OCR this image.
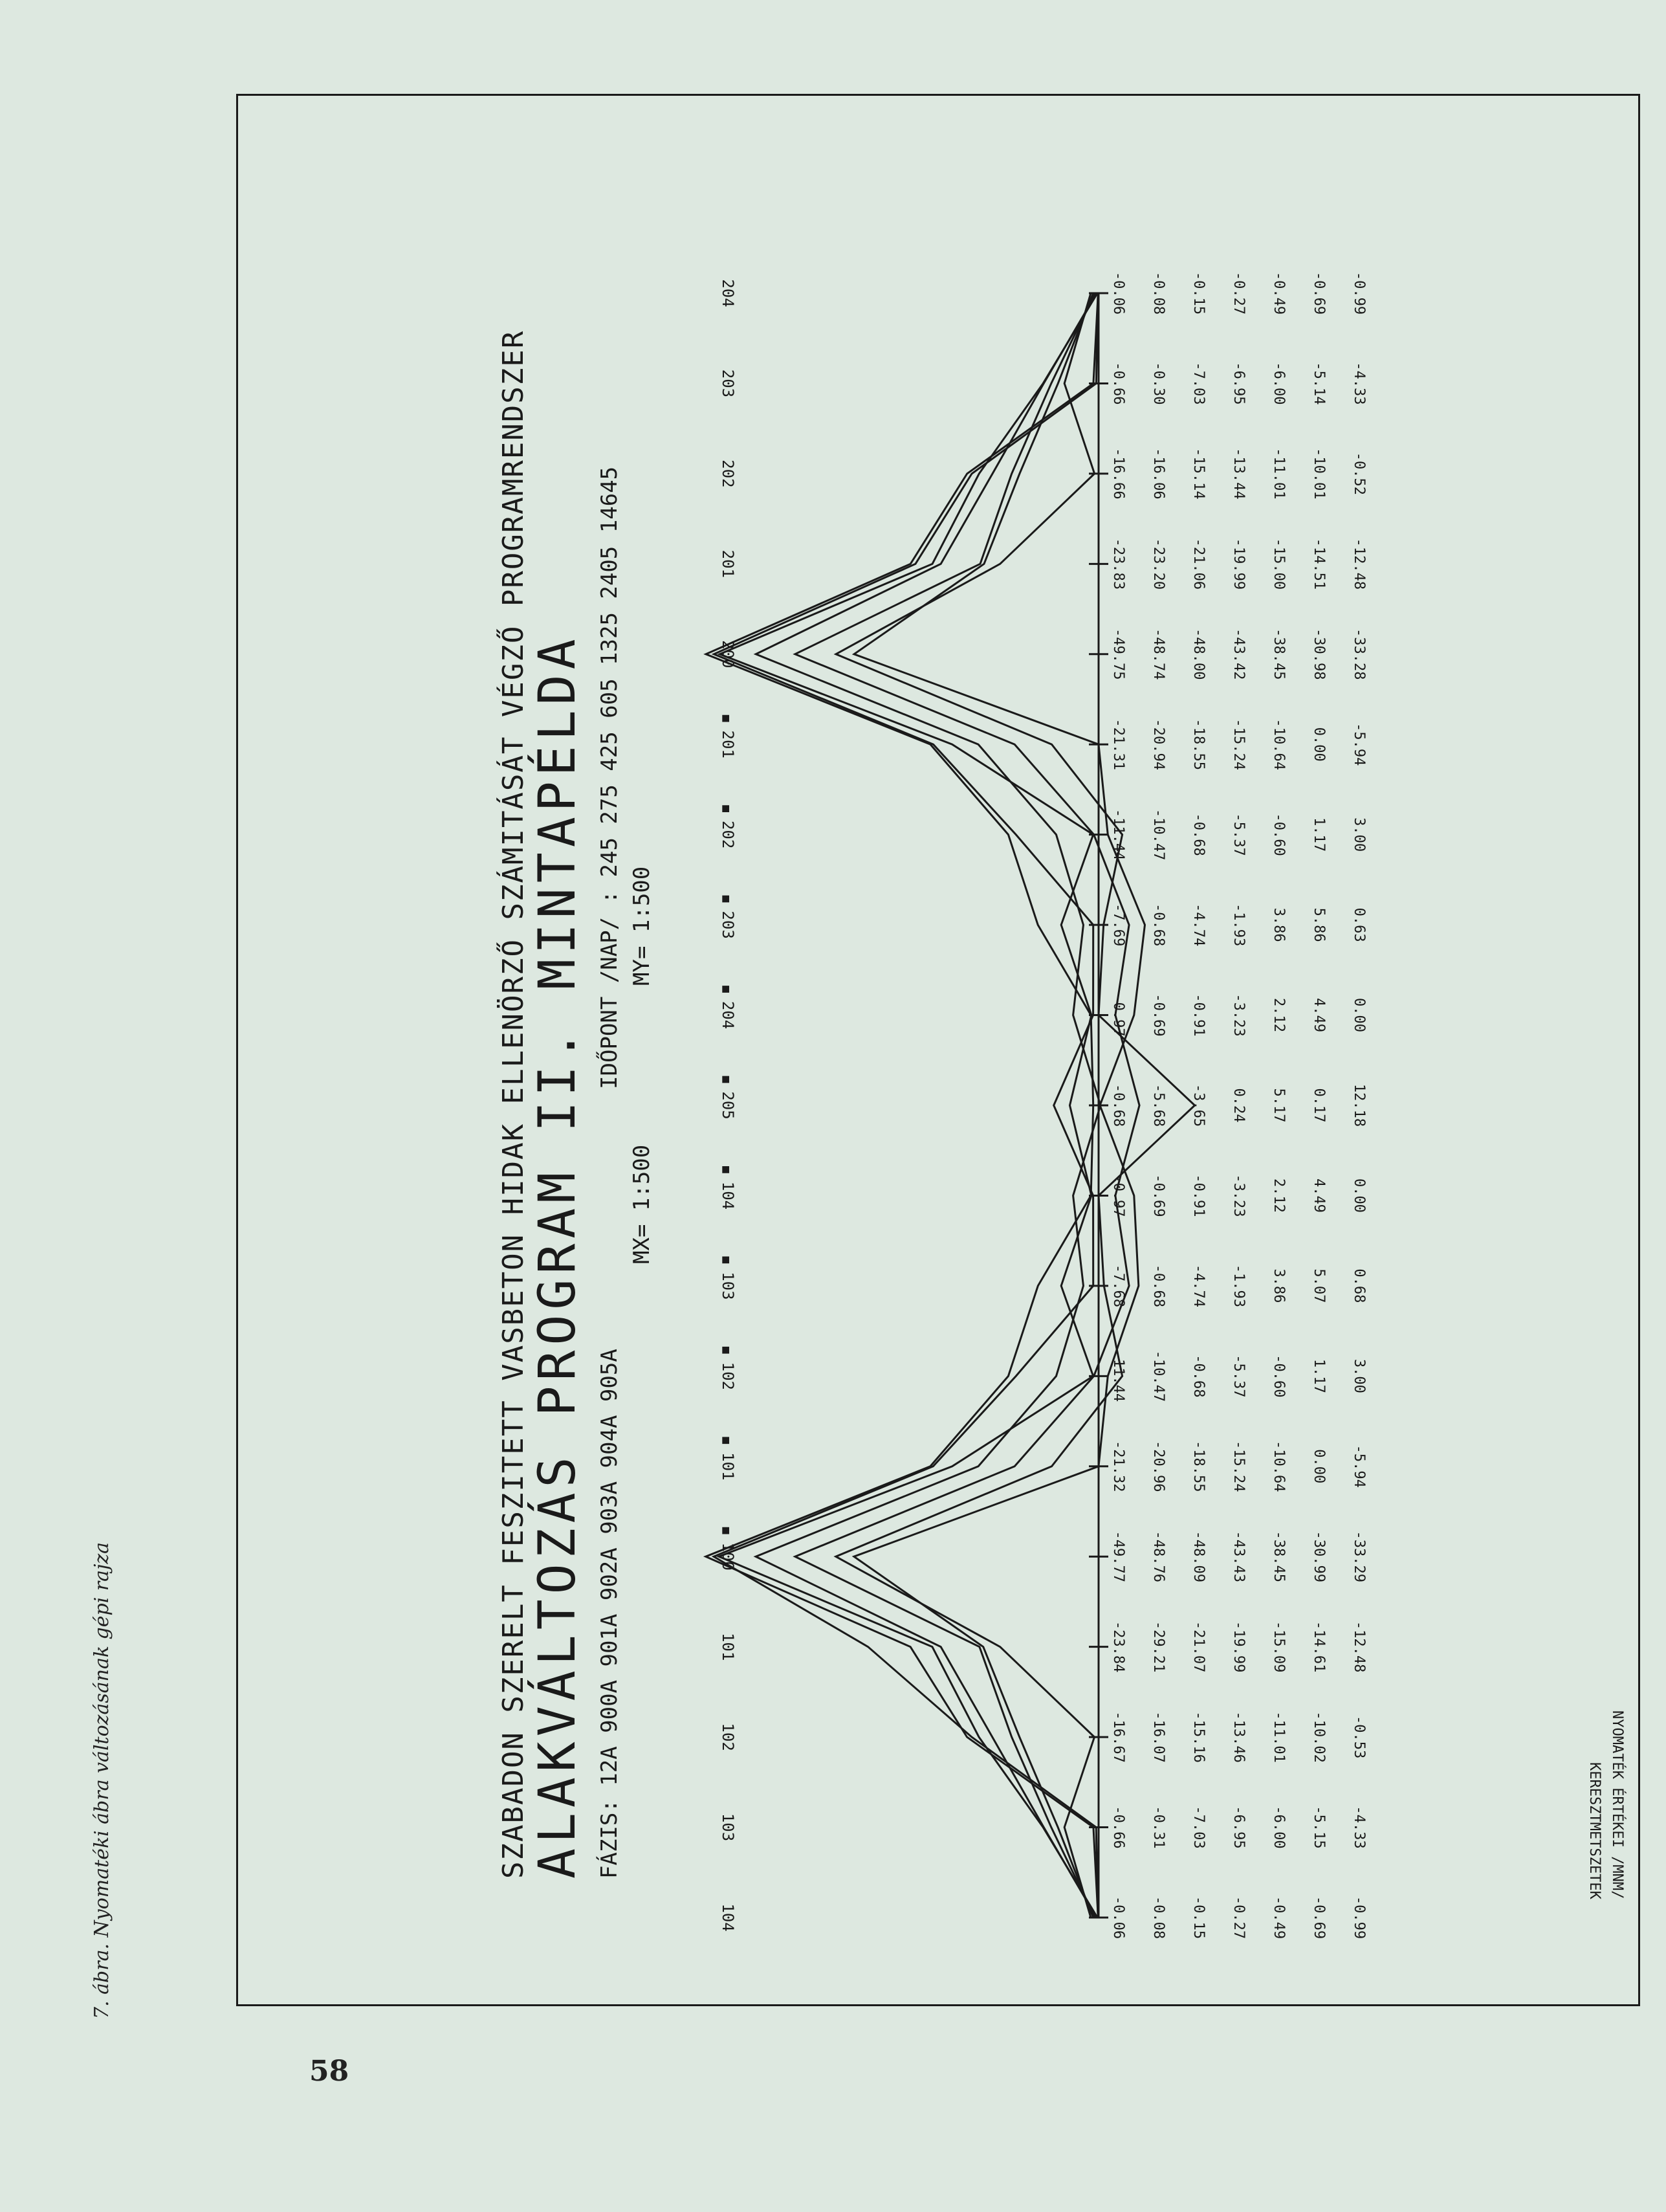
SZABADON SZERELT FESZITETT VASBETON HIDAK ELLENÖRZŐ SZÁMITÁSÁT VÉGZŐ PROGRAMRENDSZER
ALAKVÁLTOZÁS PROGRAM II. MINTAPÉLDA FÁZIS: 12A 900A 901A 902A 903A 904A 905A
IDŐPONT /NAP/ : 245 275 425 605 1325 2405 14645
MX= 1:500
MY= 1:500
KERESZTMETSZETEK NYOMATÉK ÉRTÉKEI /MNM/
104
103
102
101
100
■
101
■
102
■
103
■
104
■
205
■
204
■
203
■
202
■
201
■
200
201
202
203
204
-0.06
-0.66
-16.67
-23.84
-49.77
-21.32
-11.44
-7.68
-0.97
-0.68
-0.97
-7.69
-11.44
-21.31
-49.75
-23.83
-16.66
-0.66
-0.06
-0.08
-0.31
-16.07
-29.21
-48.76
-20.96
-10.47
-0.68
-0.69
-5.68
-0.69
-0.68
-10.47
-20.94
-48.74
-23.20
-16.06
-0.30
-0.08
-0.15
-7.03
-15.16
-21.07
-48.09
-18.55
-0.68
-4.74
-0.91
-3.65
-0.91
-4.74
-0.68
-18.55
-48.00
-21.06
-15.14
-7.03
-0.15
-0.27
-6.95
-13.46
-19.99
-43.43
-15.24
-5.37
-1.93
-3.23
0.24
-3.23
-1.93
-5.37
-15.24
-43.42
-19.99
-13.44
-6.95
-0.27
-0.49
-6.00
-11.01
-15.09
-38.45
-10.64
-0.60
3.86
2.12
5.17
2.12
3.86
-0.60
-10.64
-38.45
-15.00
-11.01
-6.00
-0.49
-0.69
-5.15
-10.02
-14.61
-30.99
0.00
1.17
5.07
4.49
0.17
4.49
5.86
1.17
0.00
-30.98
-14.51
-10.01
-5.14
-0.69
-0.99
-4.33
-0.53
-12.48
-33.29
-5.94
3.00
0.68
0.00
12.18
0.00
0.63
3.00
-5.94
-33.28
-12.48
-0.52
-4.33
-0.99
7. ábra. Nyomatéki ábra változásának gépi rajza
58
